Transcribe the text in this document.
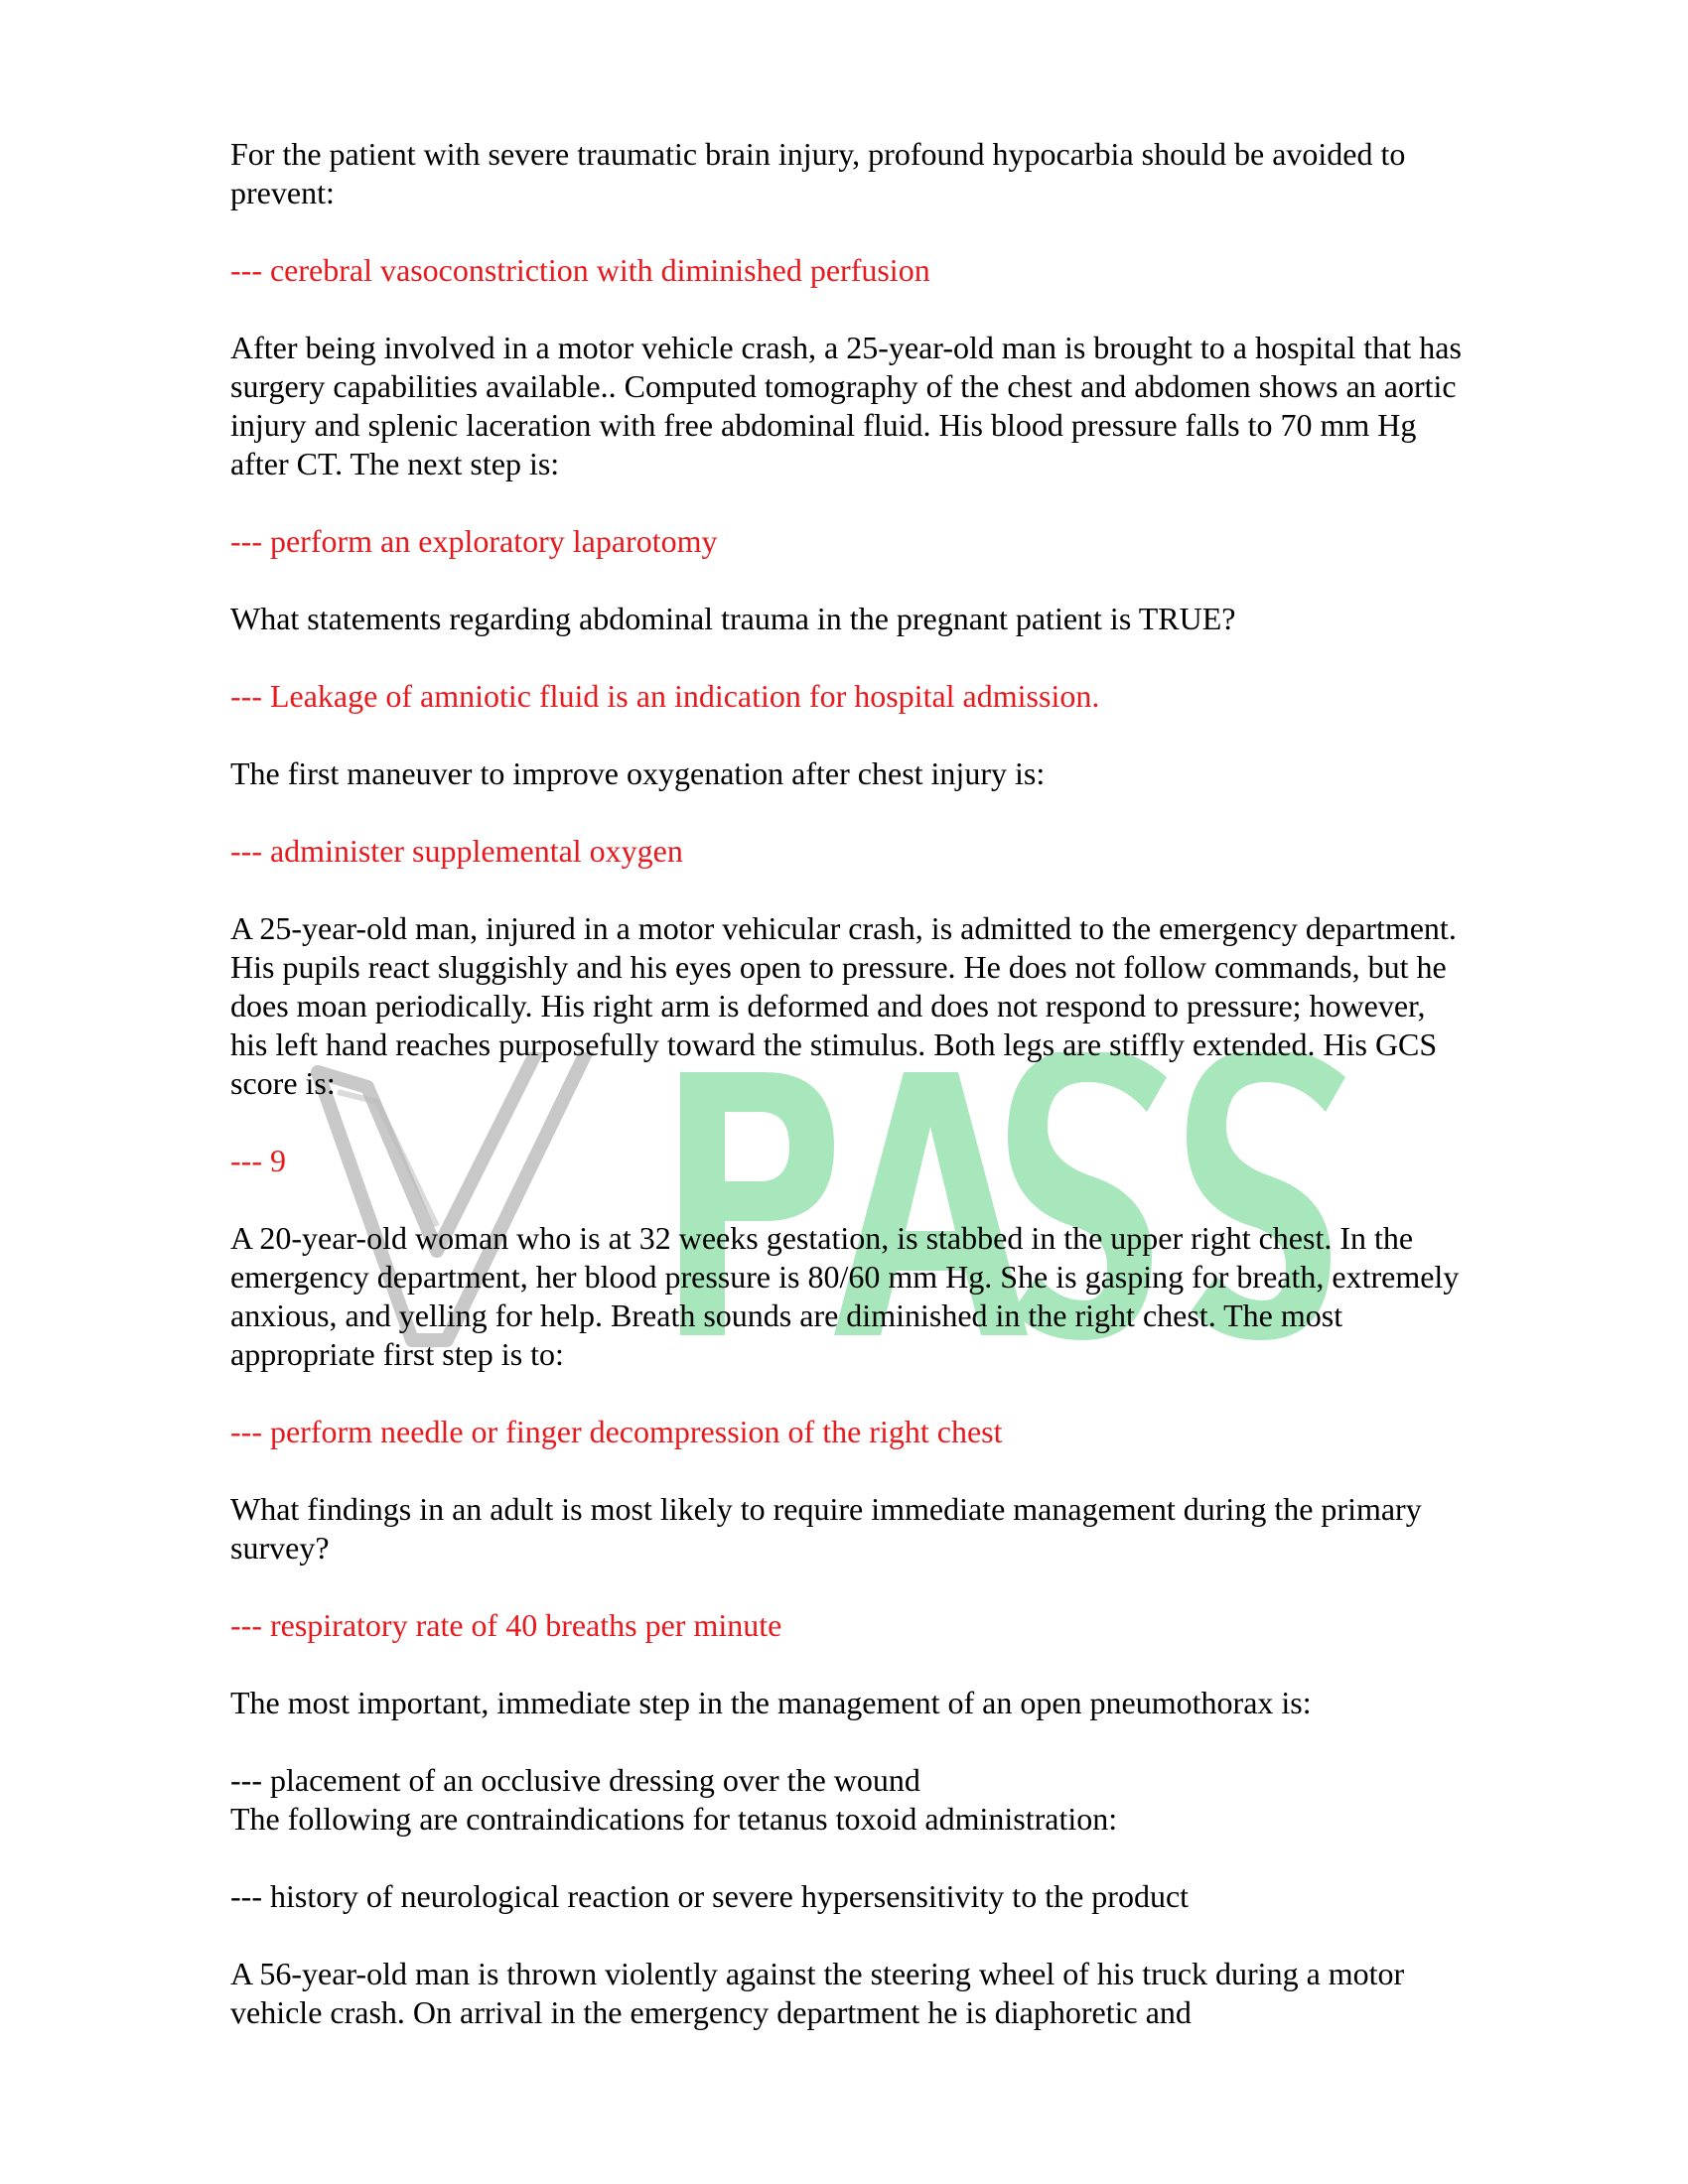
For the patient with severe traumatic brain injury, profound hypocarbia should be avoided to prevent:

--- cerebral vasoconstriction with diminished perfusion

After being involved in a motor vehicle crash, a 25-year-old man is brought to a hospital that has surgery capabilities available.. Computed tomography of the chest and abdomen shows an aortic injury and splenic laceration with free abdominal fluid. His blood pressure falls to 70 mm Hg after CT. The next step is:

--- perform an exploratory laparotomy

What statements regarding abdominal trauma in the pregnant patient is TRUE?

--- Leakage of amniotic fluid is an indication for hospital admission.

The first maneuver to improve oxygenation after chest injury is:

--- administer supplemental oxygen

A 25-year-old man, injured in a motor vehicular crash, is admitted to the emergency department. His pupils react sluggishly and his eyes open to pressure. He does not follow commands, but he does moan periodically. His right arm is deformed and does not respond to pressure; however, his left hand reaches purposefully toward the stimulus. Both legs are stiffly extended. His GCS score is:

--- 9

A 20-year-old woman who is at 32 weeks gestation, is stabbed in the upper right chest. In the emergency department, her blood pressure is 80/60 mm Hg. She is gasping for breath, extremely anxious, and yelling for help. Breath sounds are diminished in the right chest. The most appropriate first step is to:

--- perform needle or finger decompression of the right chest

What findings in an adult is most likely to require immediate management during the primary survey?

--- respiratory rate of 40 breaths per minute

The most important, immediate step in the management of an open pneumothorax is:

--- placement of an occlusive dressing over the wound

The following are contraindications for tetanus toxoid administration:

--- history of neurological reaction or severe hypersensitivity to the product

A 56-year-old man is thrown violently against the steering wheel of his truck during a motor vehicle crash. On arrival in the emergency department he is diaphoretic and
